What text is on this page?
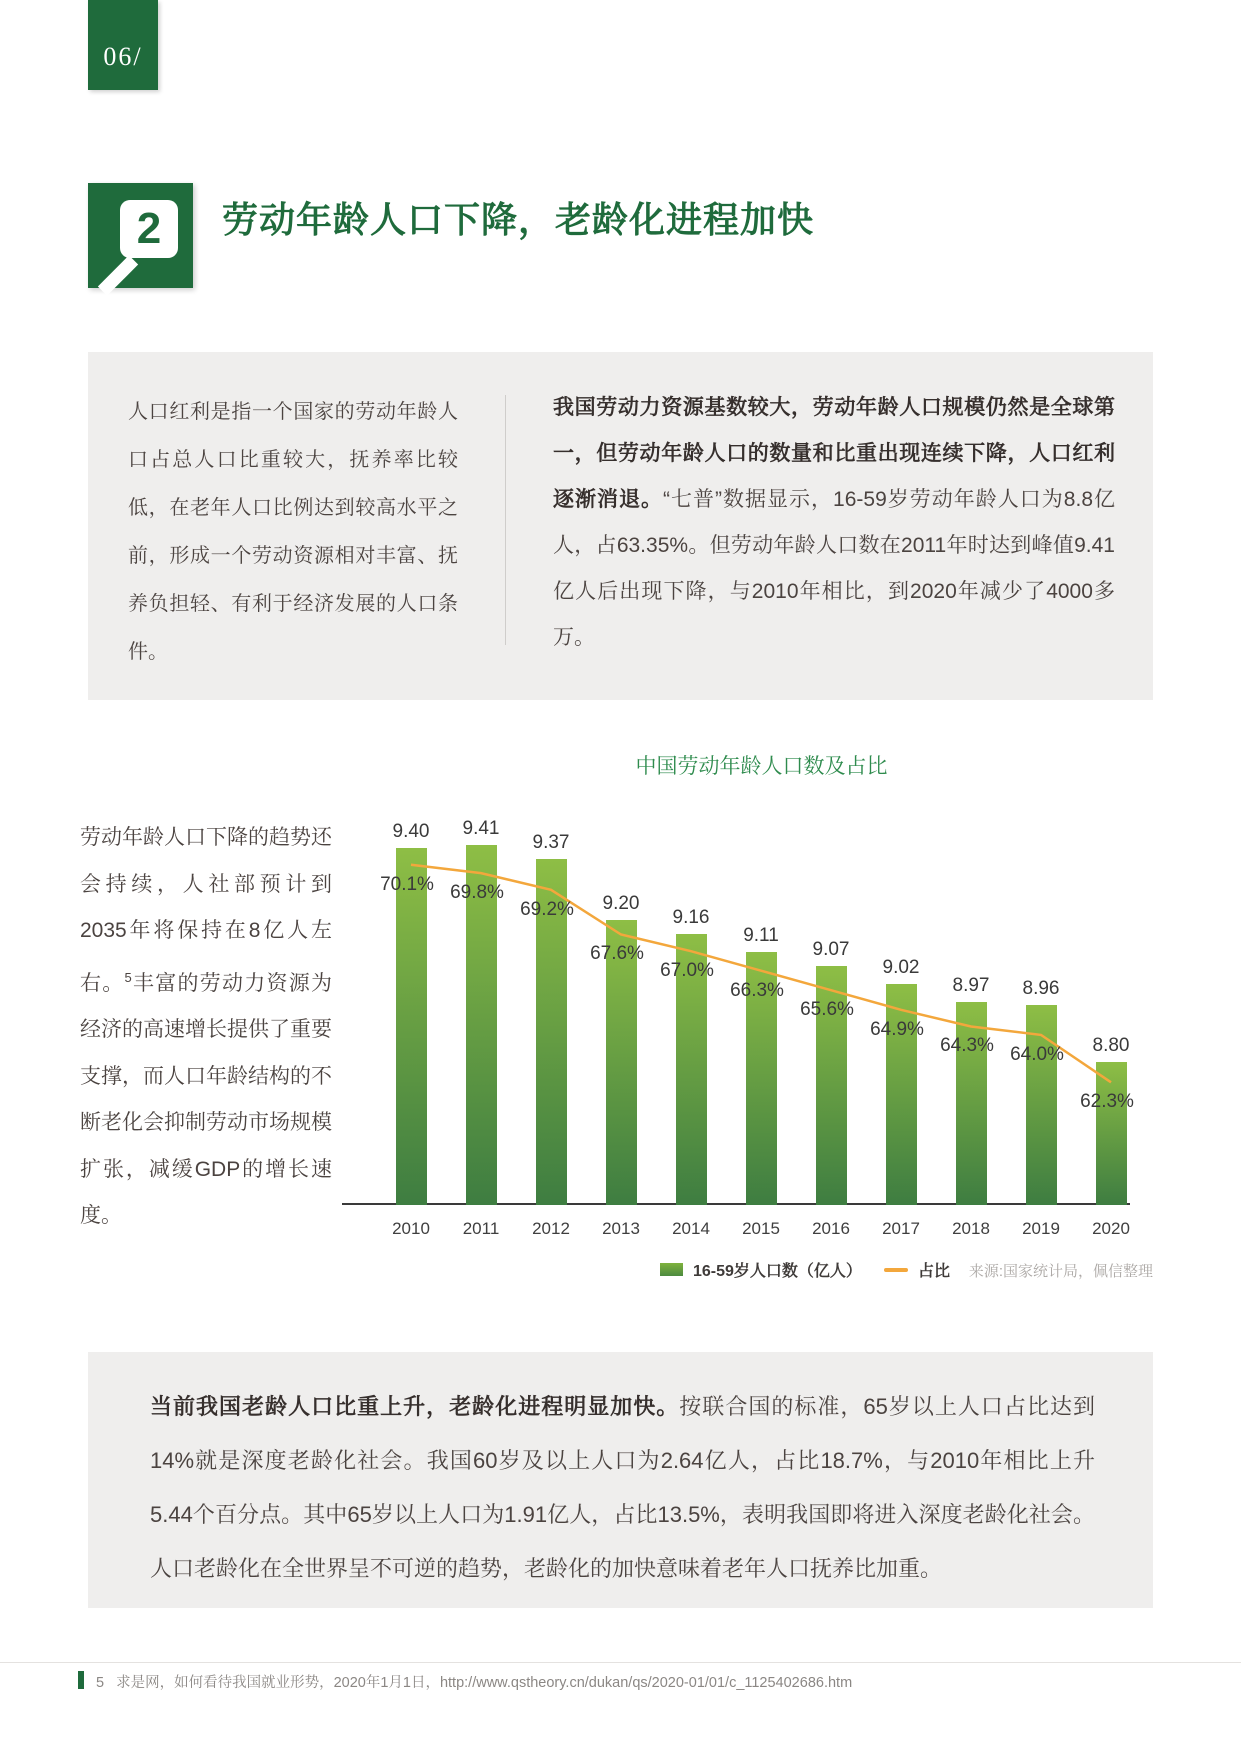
06/
2 劳动年龄人口下降，老龄化进程加快
人口红利是指一个国家的劳动年龄人口占总人口比重较大，抚养率比较低，在老年人口比例达到较高水平之前，形成一个劳动资源相对丰富、抚养负担轻、有利于经济发展的人口条件。
我国劳动力资源基数较大，劳动年龄人口规模仍然是全球第一，但劳动年龄人口的数量和比重出现连续下降，人口红利逐渐消退。“七普”数据显示，16-59岁劳动年龄人口为8.8亿人，占63.35%。但劳动年龄人口数在2011年时达到峰值9.41亿人后出现下降，与2010年相比，到2020年减少了4000多万。
劳动年龄人口下降的趋势还会持续，人社部预计到2035年将保持在8亿人左右。$^5$丰富的劳动力资源为经济的高速增长提供了重要支撑，而人口年龄结构的不断老化会抑制劳动市场规模扩张，减缓GDP的增长速度。
中国劳动年龄人口数及占比
9.40
2010
9.41
2011
9.37
2012
9.20
2013
9.16
2014
9.11
2015
9.07
2016
9.02
2017
8.97
2018
8.96
2019
8.80
2020
70.1% 69.8%
69.2%
67.6%
67.0%
66.3%
65.6%
64.9%
64.3% 64.0%
62.3%
16-59岁人口数（亿人）	占比 来源:国家统计局，佩信整理
当前我国老龄人口比重上升，老龄化进程明显加快。按联合国的标准，65岁以上人口占比达到14%就是深度老龄化社会。我国60岁及以上人口为2.64亿人，占比18.7%，与2010年相比上升5.44个百分点。其中65岁以上人口为1.91亿人，占比13.5%，表明我国即将进入深度老龄化社会。人口老龄化在全世界呈不可逆的趋势，老龄化的加快意味着老年人口抚养比加重。
5 求是网，如何看待我国就业形势，2020年1月1日，http://www.qstheory.cn/dukan/qs/2020-01/01/c_1125402686.htm
